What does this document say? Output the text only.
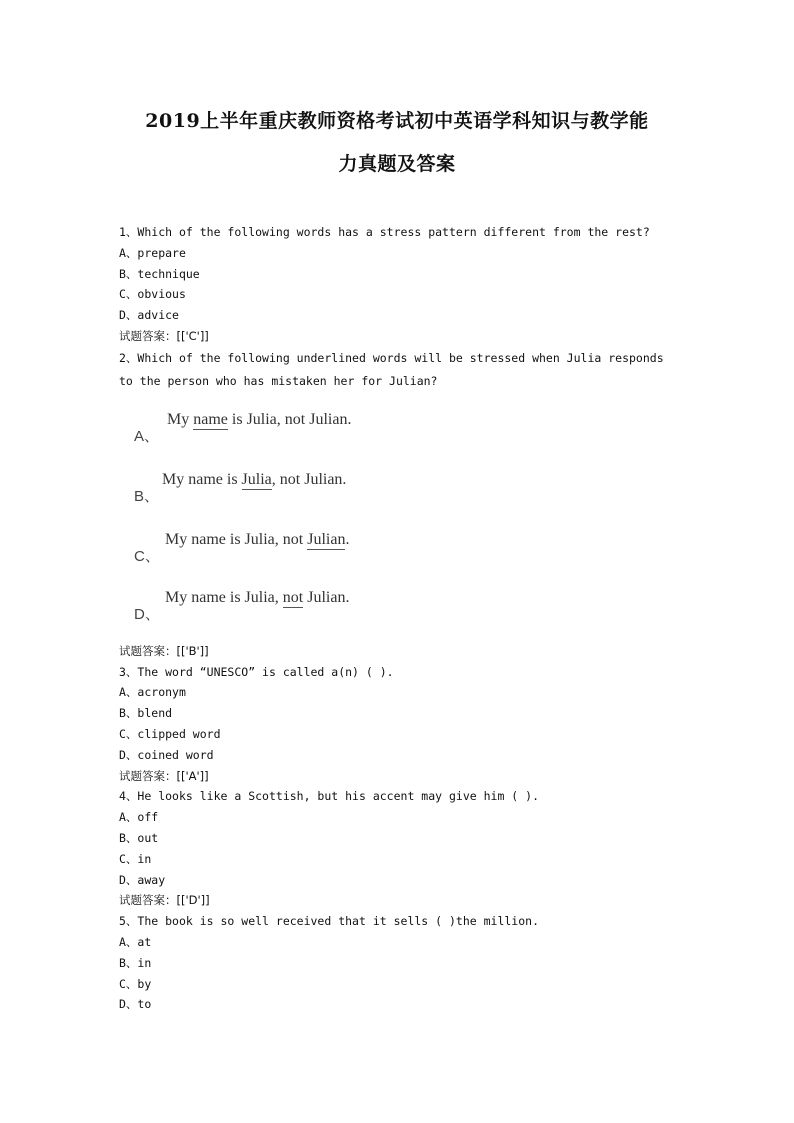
2019上半年重庆教师资格考试初中英语学科知识与教学能
力真题及答案
1、Which of the following words has a stress pattern different from the rest?
A、prepare
B、technique
C、obvious
D、advice
试题答案：[['C']]
2、Which of the following underlined words will be stressed when Julia responds
to the person who has mistaken her for Julian?
A、
My name is Julia, not Julian.
B、
My name is Julia, not Julian.
C、
My name is Julia, not Julian.
D、
My name is Julia, not Julian.
试题答案：[['B']]
3、The word “UNESCO” is called a(n) ( ).
A、acronym
B、blend
C、clipped word
D、coined word
试题答案：[['A']]
4、He looks like a Scottish, but his accent may give him ( ).
A、off
B、out
C、in
D、away
试题答案：[['D']]
5、The book is so well received that it sells ( )the million.
A、at
B、in
C、by
D、to
